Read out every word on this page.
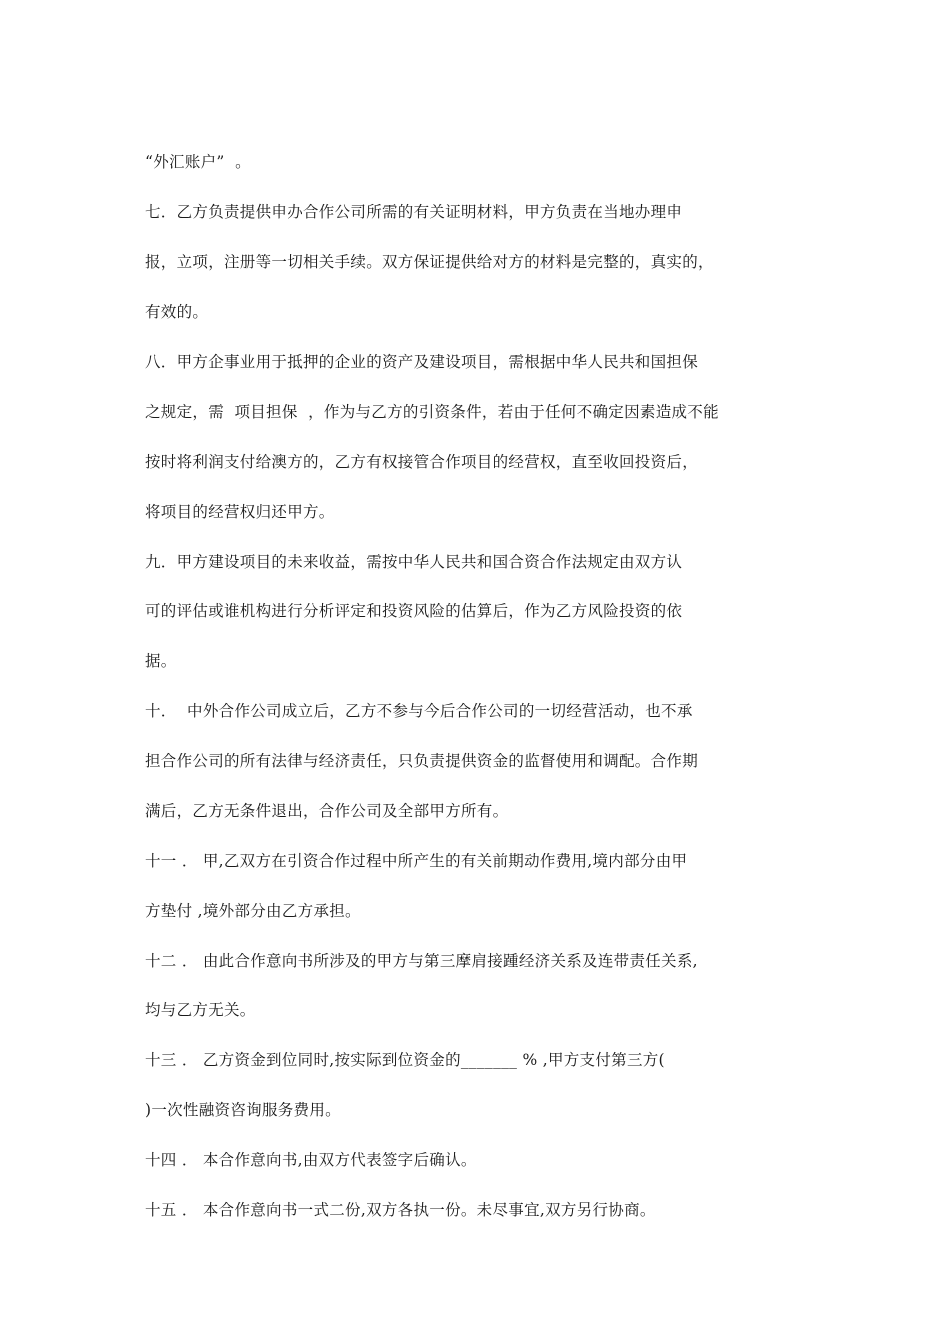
“外汇账户”  。
七．乙方负责提供申办合作公司所需的有关证明材料，甲方负责在当地办理申
报，立项，注册等一切相关手续。双方保证提供给对方的材料是完整的，真实的，
有效的。
八．甲方企事业用于抵押的企业的资产及建设项目，需根据中华人民共和国担保
之规定，需  项目担保  ，作为与乙方的引资条件，若由于任何不确定因素造成不能
按时将利润支付给澳方的，乙方有权接管合作项目的经营权，直至收回投资后，
将项目的经营权归还甲方。
九．甲方建设项目的未来收益，需按中华人民共和国合资合作法规定由双方认
可的评估或谁机构进行分析评定和投资风险的估算后，作为乙方风险投资的依
据。
十．  中外合作公司成立后，乙方不参与今后合作公司的一切经营活动，也不承
担合作公司的所有法律与经济责任，只负责提供资金的监督使用和调配。合作期
满后，乙方无条件退出，合作公司及全部甲方所有。
十一 ． 甲,乙双方在引资合作过程中所产生的有关前期动作费用,境内部分由甲
方垫付 ,境外部分由乙方承担。
十二 ． 由此合作意向书所涉及的甲方与第三摩肩接踵经济关系及连带责任关系,
均与乙方无关。
十三 ． 乙方资金到位同时,按实际到位资金的_______ % ,甲方支付第三方(
)一次性融资咨询服务费用。
十四 ． 本合作意向书,由双方代表签字后确认。
十五 ． 本合作意向书一式二份,双方各执一份。未尽事宜,双方另行协商。
